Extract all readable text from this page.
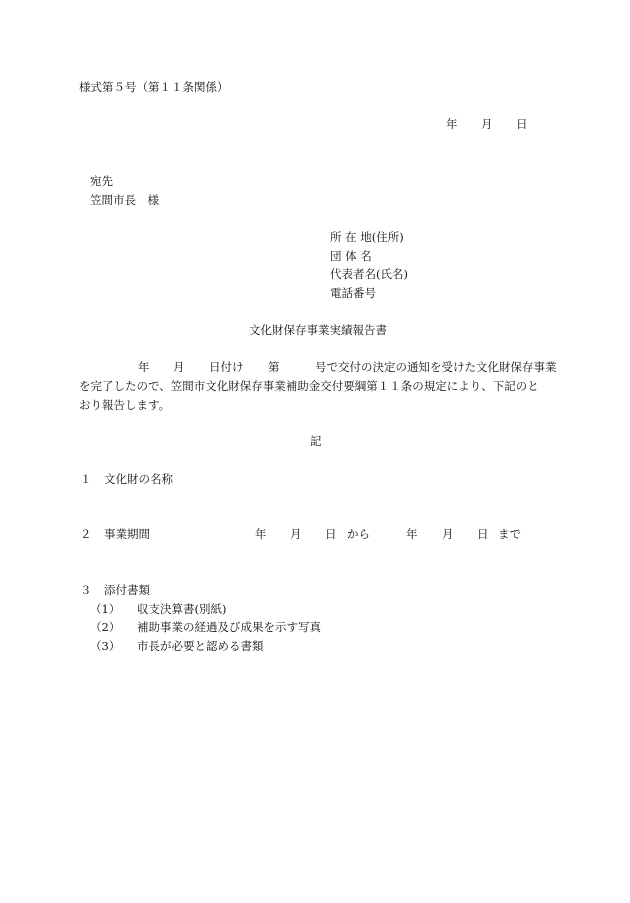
様式第５号（第１１条関係）
年 月 日
宛先
笠間市長　様
所 在 地(住所)
団 体 名
代表者名(氏名)
電話番号
文化財保存事業実績報告書
年 月 日付け 第	号で交付の決定の通知を受けた文化財保存事業
を完了したので、笠間市文化財保存事業補助金交付要綱第１１条の規定により、下記のと
おり報告します。
記
１ 文化財の名称
２ 事業期間	年 月 日 から	年 月 日 まで
３ 添付書類
（1） 収支決算書(別紙)
（2） 補助事業の経過及び成果を示す写真
（3） 市長が必要と認める書類
